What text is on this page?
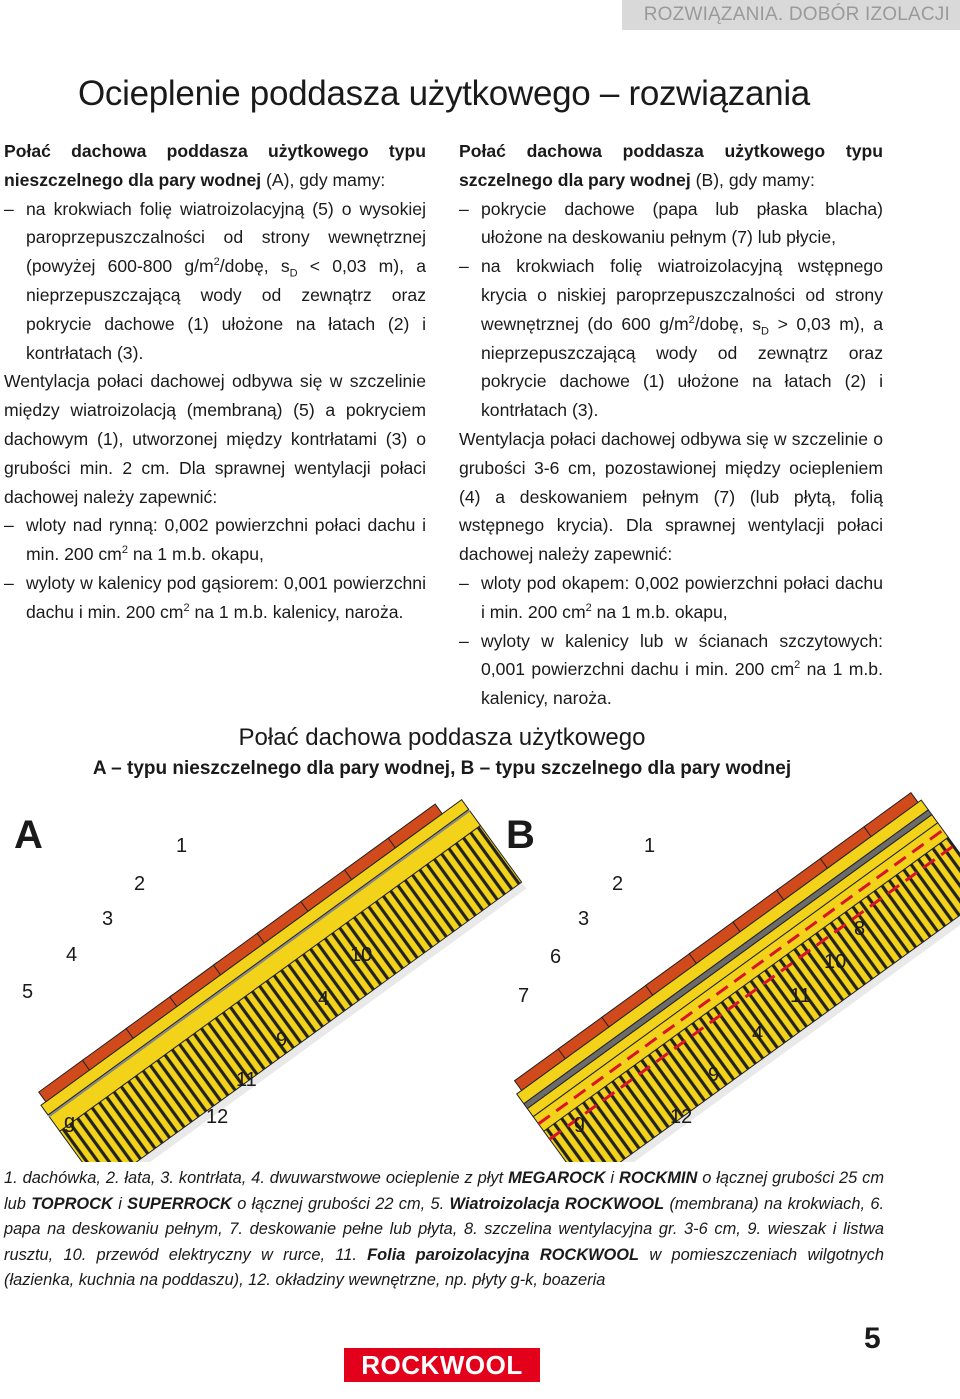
ROZWIĄZANIA. DOBÓR IZOLACJI
Ocieplenie poddasza użytkowego – rozwiązania

Połać dachowa poddasza użytkowego typu nieszczelnego dla pary wodnej (A), gdy mamy:

– na krokwiach folię wiatroizolacyjną (5) o wysokiej paroprzepuszczalności od strony wewnętrznej (powyżej 600-800 $g/m^2$/dobę, $s_D < 0,03$ m), a nieprzepuszczającą wody od zewnątrz oraz pokrycie dachowe (1) ułożone na łatach (2) i kontrłatach (3).

Wentylacja połaci dachowej odbywa się w szczelinie między wiatroizolacją (membraną) (5) a pokryciem dachowym (1), utworzonej między kontrłatami (3) o grubości min. 2 cm. Dla sprawnej wentylacji połaci dachowej należy zapewnić:

– wloty nad rynną: 0,002 powierzchni połaci dachu i min. 200 $cm^2$ na 1 m.b. okapu,

– wyloty w kalenicy pod gąsiorem: 0,001 powierzchni dachu i min. 200 $cm^2$ na 1 m.b. kalenicy, naroża.

Połać dachowa poddasza użytkowego typu szczelnego dla pary wodnej (B), gdy mamy:

– pokrycie dachowe (papa lub płaska blacha) ułożone na deskowaniu pełnym (7) lub płycie,

– na krokwiach folię wiatroizolacyjną wstępnego krycia o niskiej paroprzepuszczalności od strony wewnętrznej (do 600 $g/m^2$/dobę, $s_D > 0,03$ m), a nieprzepuszczającą wody od zewnątrz oraz pokrycie dachowe (1) ułożone na łatach (2) i kontrłatach (3).

Wentylacja połaci dachowej odbywa się w szczelinie o grubości 3-6 cm, pozostawionej między ociepleniem (4) a deskowaniem pełnym (7) (lub płytą, folią wstępnego krycia). Dla sprawnej wentylacji połaci dachowej należy zapewnić:

– wloty pod okapem: 0,002 powierzchni połaci dachu i min. 200 $cm^2$ na 1 m.b. okapu,

– wyloty w kalenicy lub w ścianach szczytowych: 0,001 powierzchni dachu i min. 200 $cm^2$ na 1 m.b. kalenicy, naroża.

Połać dachowa poddasza użytkowego
A – typu nieszczelnego dla pary wodnej, B – typu szczelnego dla pary wodnej
A	1
2
3
4
5
10
4
9
11
g	12
B	1
2
3	8
6	10
7	11
4
9
g	12
1. dachówka, 2. łata, 3. kontrłata, 4. dwuwarstwowe ocieplenie z płyt MEGAROCK i ROCKMIN o łącznej grubości 25 cm lub TOPROCK i SUPERROCK o łącznej grubości 22 cm, 5. Wiatroizolacja ROCKWOOL (membrana) na krokwiach, 6. papa na deskowaniu pełnym, 7. deskowanie pełne lub płyta, 8. szczelina wentylacyjna gr. 3-6 cm, 9. wieszak i listwa rusztu, 10. przewód elektryczny w rurce, 11. Folia paroizolacyjna ROCKWOOL w pomieszczeniach wilgotnych (łazienka, kuchnia na poddaszu), 12. okładziny wewnętrzne, np. płyty g-k, boazeria
5
ROCKWOOL
